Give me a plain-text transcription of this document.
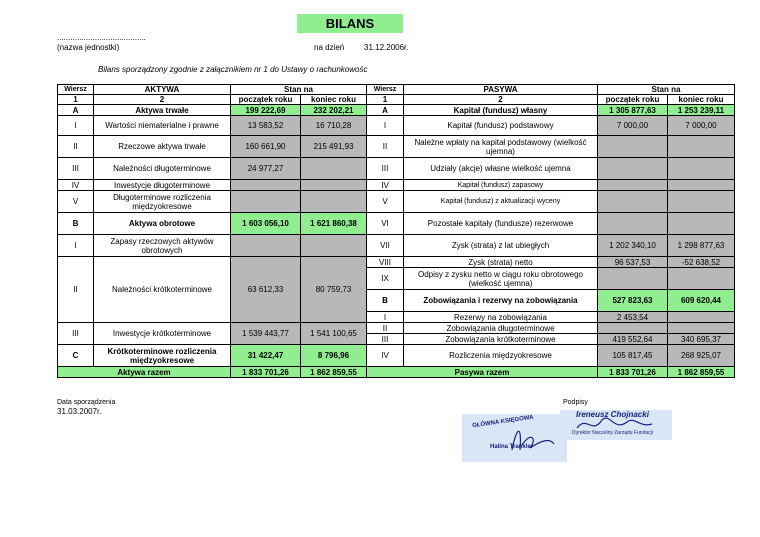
BILANS
........................................
(nazwa jednostki)	na dzień 31.12.2006r.
Bilans sporządzony zgodnie z załącznikiem nr 1 do Ustawy o rachunkowośc
Wiersz	AKTYWA	Stan na		Wiersz	PASYWA	Stan na	
1	2	początek roku	koniec roku	1	2	początek roku	koniec roku
A	Aktywa trwałe	199 222,69	232 202,21	A	Kapitał (fundusz) własny	1 305 877,63	1 253 239,11
I	Wartości niematerialne i prawne	13 583,52	16 710,28	I	Kapitał (fundusz) podstawowy	7 000,00	7 000,00
II	Rzeczowe aktywa trwałe	160 661,90	215 491,93	II	Należne wpłaty na kapitał podstawowy (wielkość ujemna)		
III	Należności długoterminowe	24 977,27		III	Udziały (akcje) własne wielkość ujemna		
IV	Inwestycje długoterminowe			IV	Kapitał (fundusz) zapasowy		
V	Długoterminowe rozliczenia międzyokresowe			V	Kapitał (fundusz) z aktualizacji wyceny		
B	Aktywa obrotowe	1 603 056,10	1 621 860,38	VI	Pozostałe kapitały (fundusze) rezerwowe		
I	Zapasy rzeczowych aktywów obrotowych			VII	Zysk (strata) z lat ubiegłych	1 202 340,10	1 298 877,63
II	Należności krótkoterminowe	63 612,33	80 759,73	VIII	Zysk (strata) netto	96 537,53	-52 638,52
				IX	Odpisy z zysku netto w ciągu roku obrotowego (wielkość ujemna)		
				B	Zobowiązania i rezerwy na zobowiązania	527 823,63	609 620,44
				I	Rezerwy na zobowiązania	2 453,54	
III	Inwestycje krótkoterminowe	1 539 443,77	1 541 100,65	II	Zobowiązania długoterminowe		
				III	Zobowiązania krótkoterminowe	419 552,64	340 695,37
C	Krótkoterminowe rozliczenia międzyokresowe	31 422,47	8 796,96	IV	Rozliczenia międzyokresowe	105 817,45	268 925,07
Aktywa razem		1 833 701,26	1 862 859,55	Pasywa razem		1 833 701,26	1 862 859,55
Data sporządzenia
31.03.2007r.
Podpisy
GŁÓWNA KSIĘGOWA
Halina Trankler
Ireneusz Chojnacki
Dyrektor Naczelny Zarządu Fundacji
